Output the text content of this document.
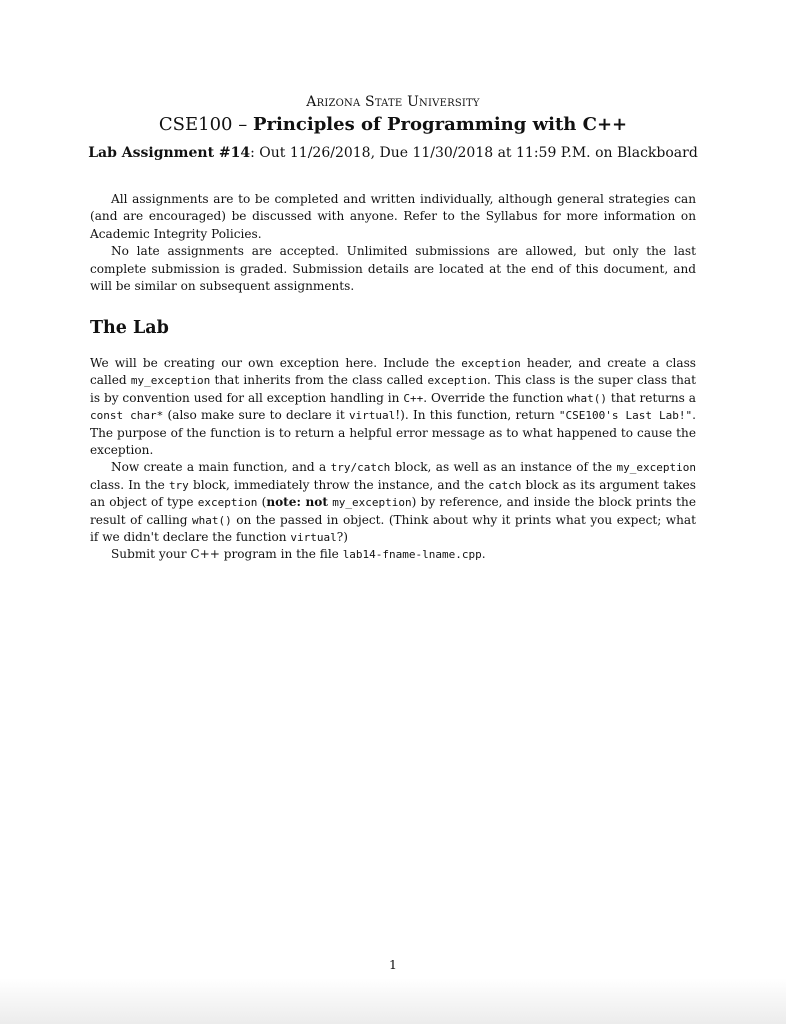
Arizona State University
CSE100 – Principles of Programming with C++
Lab Assignment #14: Out 11/26/2018, Due 11/30/2018 at 11:59 P.M. on Blackboard

All assignments are to be completed and written individually, although general strategies can (and are encouraged) be discussed with anyone. Refer to the Syllabus for more information on Academic Integrity Policies.

No late assignments are accepted. Unlimited submissions are allowed, but only the last complete submission is graded. Submission details are located at the end of this document, and will be similar on subsequent assignments.

The Lab

We will be creating our own exception here. Include the exception header, and create a class called my_exception that inherits from the class called exception. This class is the super class that is by convention used for all exception handling in C++. Override the function what() that returns a const char* (also make sure to declare it virtual!). In this function, return "CSE100's Last Lab!". The purpose of the function is to return a helpful error message as to what happened to cause the exception.

Now create a main function, and a try/catch block, as well as an instance of the my_exception class. In the try block, immediately throw the instance, and the catch block as its argument takes an object of type exception (note: not my_exception) by reference, and inside the block prints the result of calling what() on the passed in object. (Think about why it prints what you expect; what if we didn't declare the function virtual?)

Submit your C++ program in the file lab14-fname-lname.cpp.

1
